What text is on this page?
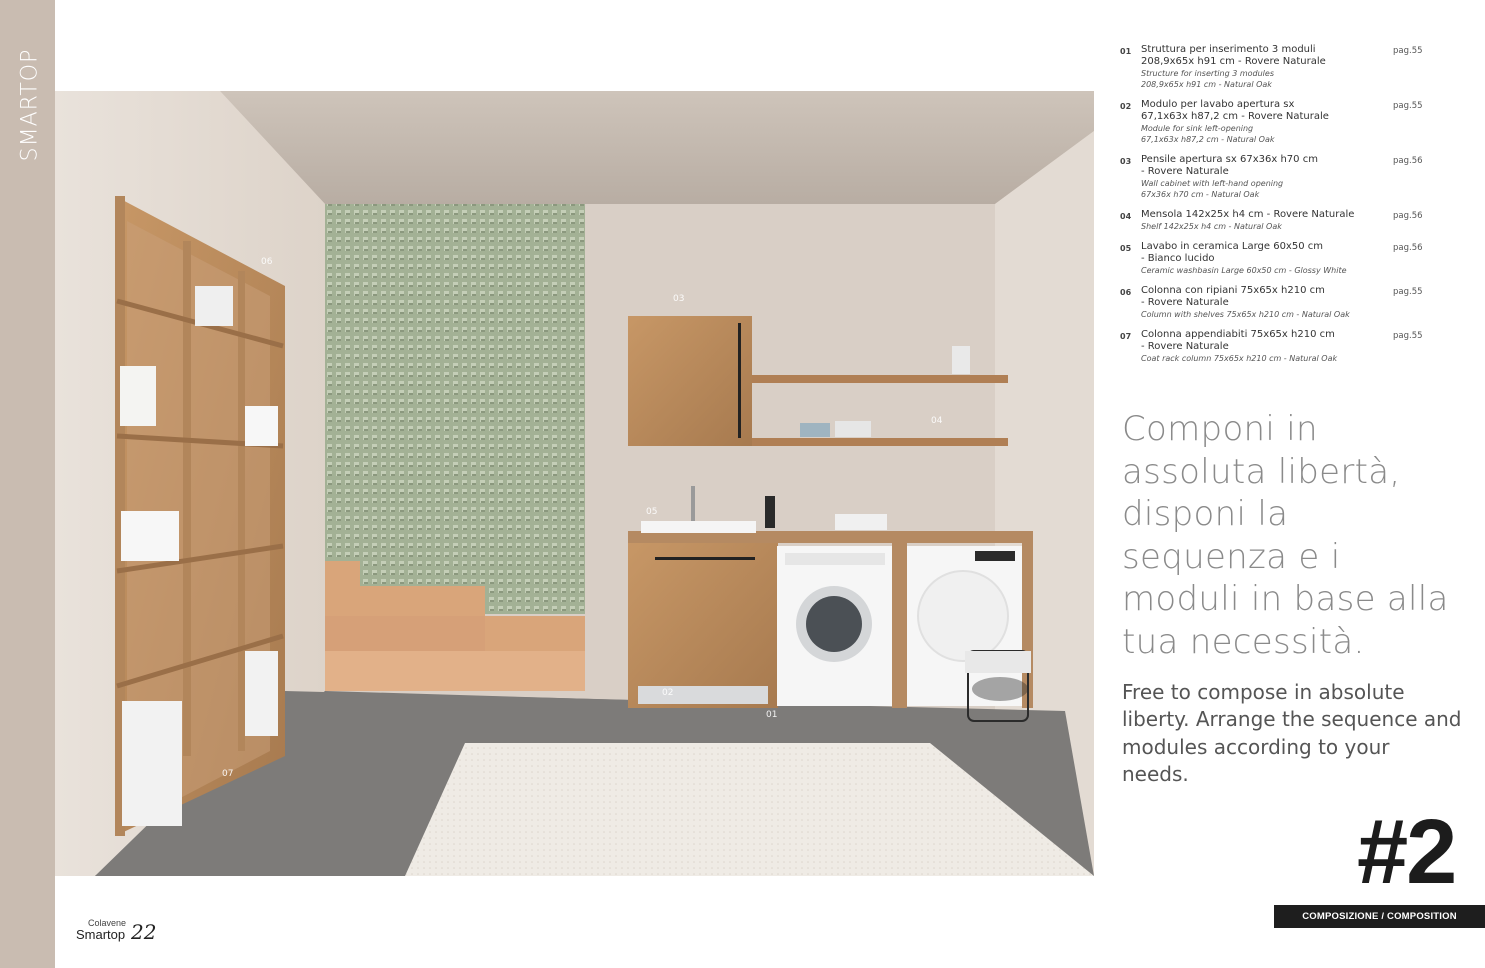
SMARTOP
06
03
04
05
02
01
07
01 Struttura per inserimento 3 moduli
208,9x65x h91 cm - Rovere Naturale
Structure for inserting 3 modules
208,9x65x h91 cm - Natural Oak
pag.55
02 Modulo per lavabo apertura sx
67,1x63x h87,2 cm - Rovere Naturale
Module for sink left-opening
67,1x63x h87,2 cm - Natural Oak
pag.55
03 Pensile apertura sx 67x36x h70 cm
- Rovere Naturale
Wall cabinet with left-hand opening
67x36x h70 cm - Natural Oak
pag.56
04 Mensola 142x25x h4 cm - Rovere Naturale
Shelf 142x25x h4 cm - Natural Oak
pag.56
05 Lavabo in ceramica Large 60x50 cm
- Bianco lucido
Ceramic washbasin Large 60x50 cm - Glossy White
pag.56
06 Colonna con ripiani 75x65x h210 cm
- Rovere Naturale
Column with shelves 75x65x h210 cm - Natural Oak
pag.55
07 Colonna appendiabiti 75x65x h210 cm
- Rovere Naturale
Coat rack column 75x65x h210 cm - Natural Oak
pag.55
Componi in assoluta libertà, disponi la sequenza e i moduli in base alla tua necessità.
Free to compose in absolute liberty. Arrange the sequence and modules according to your needs.
#2
COMPOSIZIONE / COMPOSITION
Colavene
Smartop 22
